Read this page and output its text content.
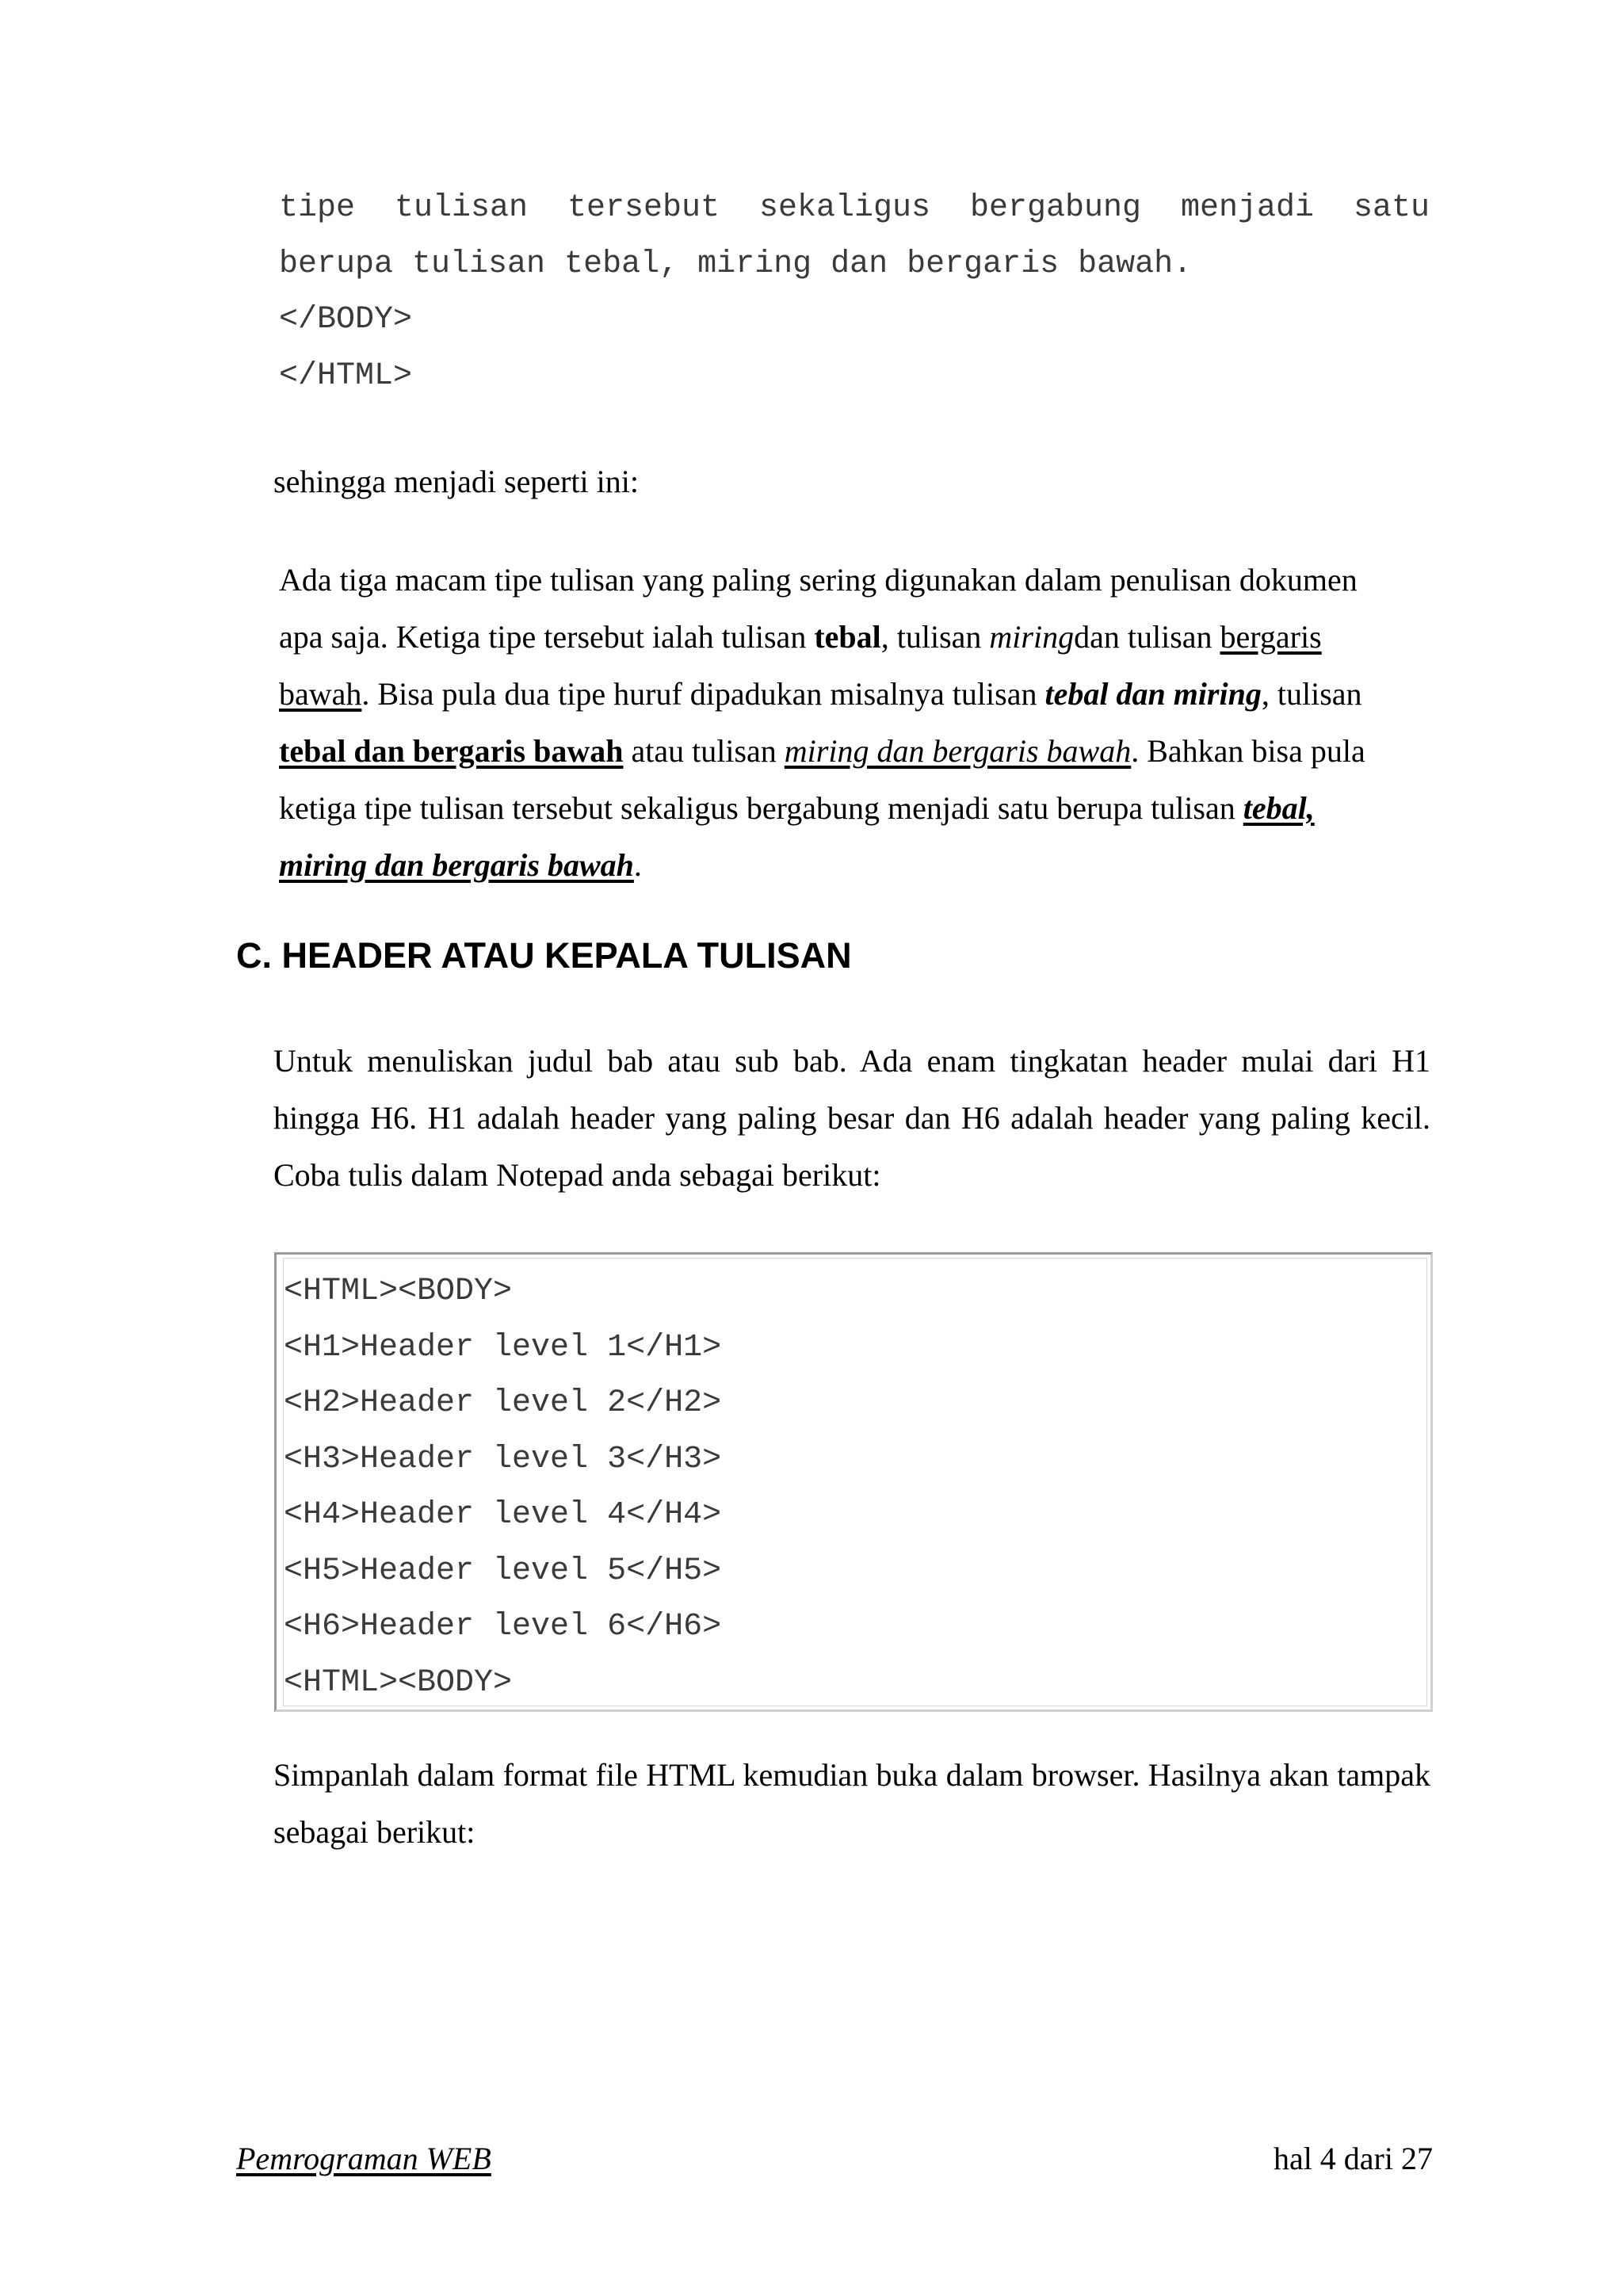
tipe tulisan tersebut sekaligus bergabung menjadi satu
berupa tulisan tebal, miring dan bergaris bawah.
</BODY>
</HTML>

sehingga menjadi seperti ini:

Ada tiga macam tipe tulisan yang paling sering digunakan dalam penulisan dokumen apa saja. Ketiga tipe tersebut ialah tulisan tebal, tulisan miringdan tulisan bergaris bawah. Bisa pula dua tipe huruf dipadukan misalnya tulisan tebal dan miring, tulisan tebal dan bergaris bawah atau tulisan miring dan bergaris bawah. Bahkan bisa pula ketiga tipe tulisan tersebut sekaligus bergabung menjadi satu berupa tulisan tebal, miring dan bergaris bawah.

C. HEADER ATAU KEPALA TULISAN

Untuk menuliskan judul bab atau sub bab. Ada enam tingkatan header mulai dari H1 hingga H6. H1 adalah header yang paling besar dan H6 adalah header yang paling kecil. Coba tulis dalam Notepad anda sebagai berikut:

<HTML><BODY>
<H1>Header level 1</H1>
<H2>Header level 2</H2>
<H3>Header level 3</H3>
<H4>Header level 4</H4>
<H5>Header level 5</H5>
<H6>Header level 6</H6>
<HTML><BODY>

Simpanlah dalam format file HTML kemudian buka dalam browser. Hasilnya akan tampak sebagai berikut:

Pemrograman WEB	hal 4 dari 27
